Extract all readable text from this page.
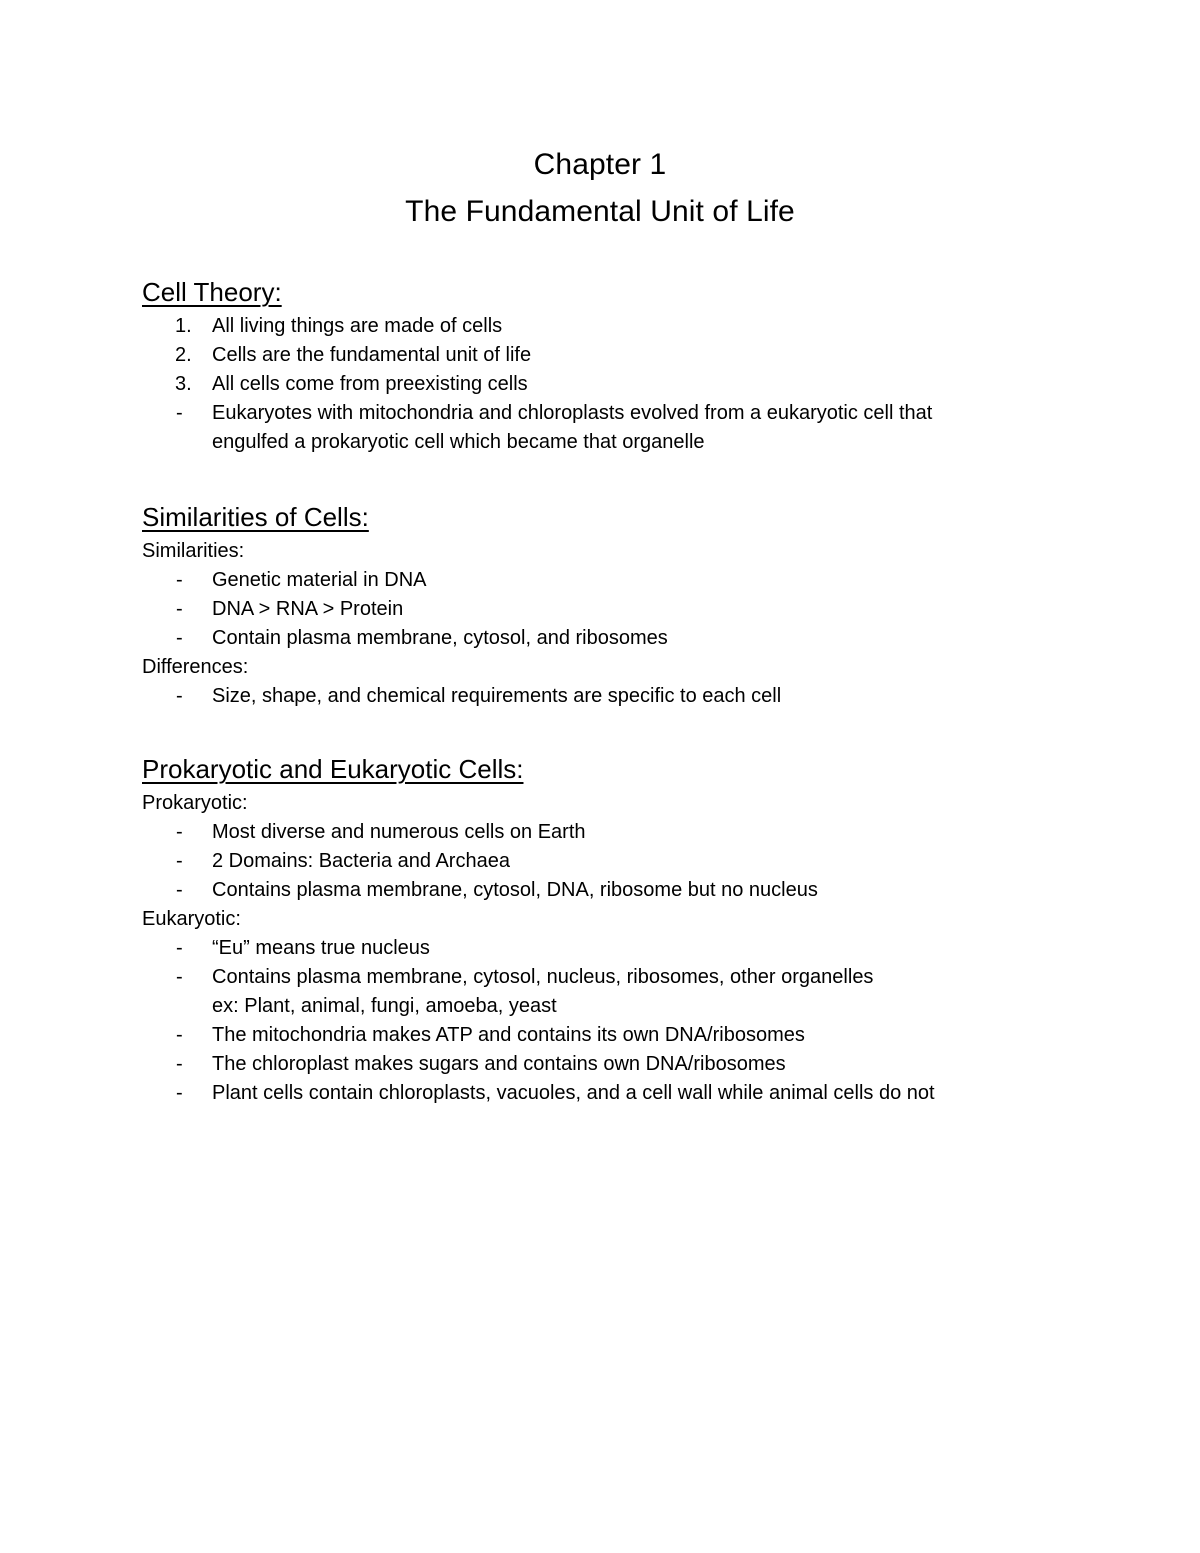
Chapter 1
The Fundamental Unit of Life
Cell Theory:
1.	All living things are made of cells
2.	Cells are the fundamental unit of life
3.	All cells come from preexisting cells
-	Eukaryotes with mitochondria and chloroplasts evolved from a eukaryotic cell that
engulfed a prokaryotic cell which became that organelle
Similarities of Cells:
Similarities:
-	Genetic material in DNA
-	DNA > RNA > Protein
-	Contain plasma membrane, cytosol, and ribosomes
Differences:
-	Size, shape, and chemical requirements are specific to each cell
Prokaryotic and Eukaryotic Cells:
Prokaryotic:
-	Most diverse and numerous cells on Earth
-	2 Domains: Bacteria and Archaea
-	Contains plasma membrane, cytosol, DNA, ribosome but no nucleus
Eukaryotic:
-	“Eu” means true nucleus
-	Contains plasma membrane, cytosol, nucleus, ribosomes, other organelles
ex: Plant, animal, fungi, amoeba, yeast
-	The mitochondria makes ATP and contains its own DNA/ribosomes
-	The chloroplast makes sugars and contains own DNA/ribosomes
-	Plant cells contain chloroplasts, vacuoles, and a cell wall while animal cells do not
